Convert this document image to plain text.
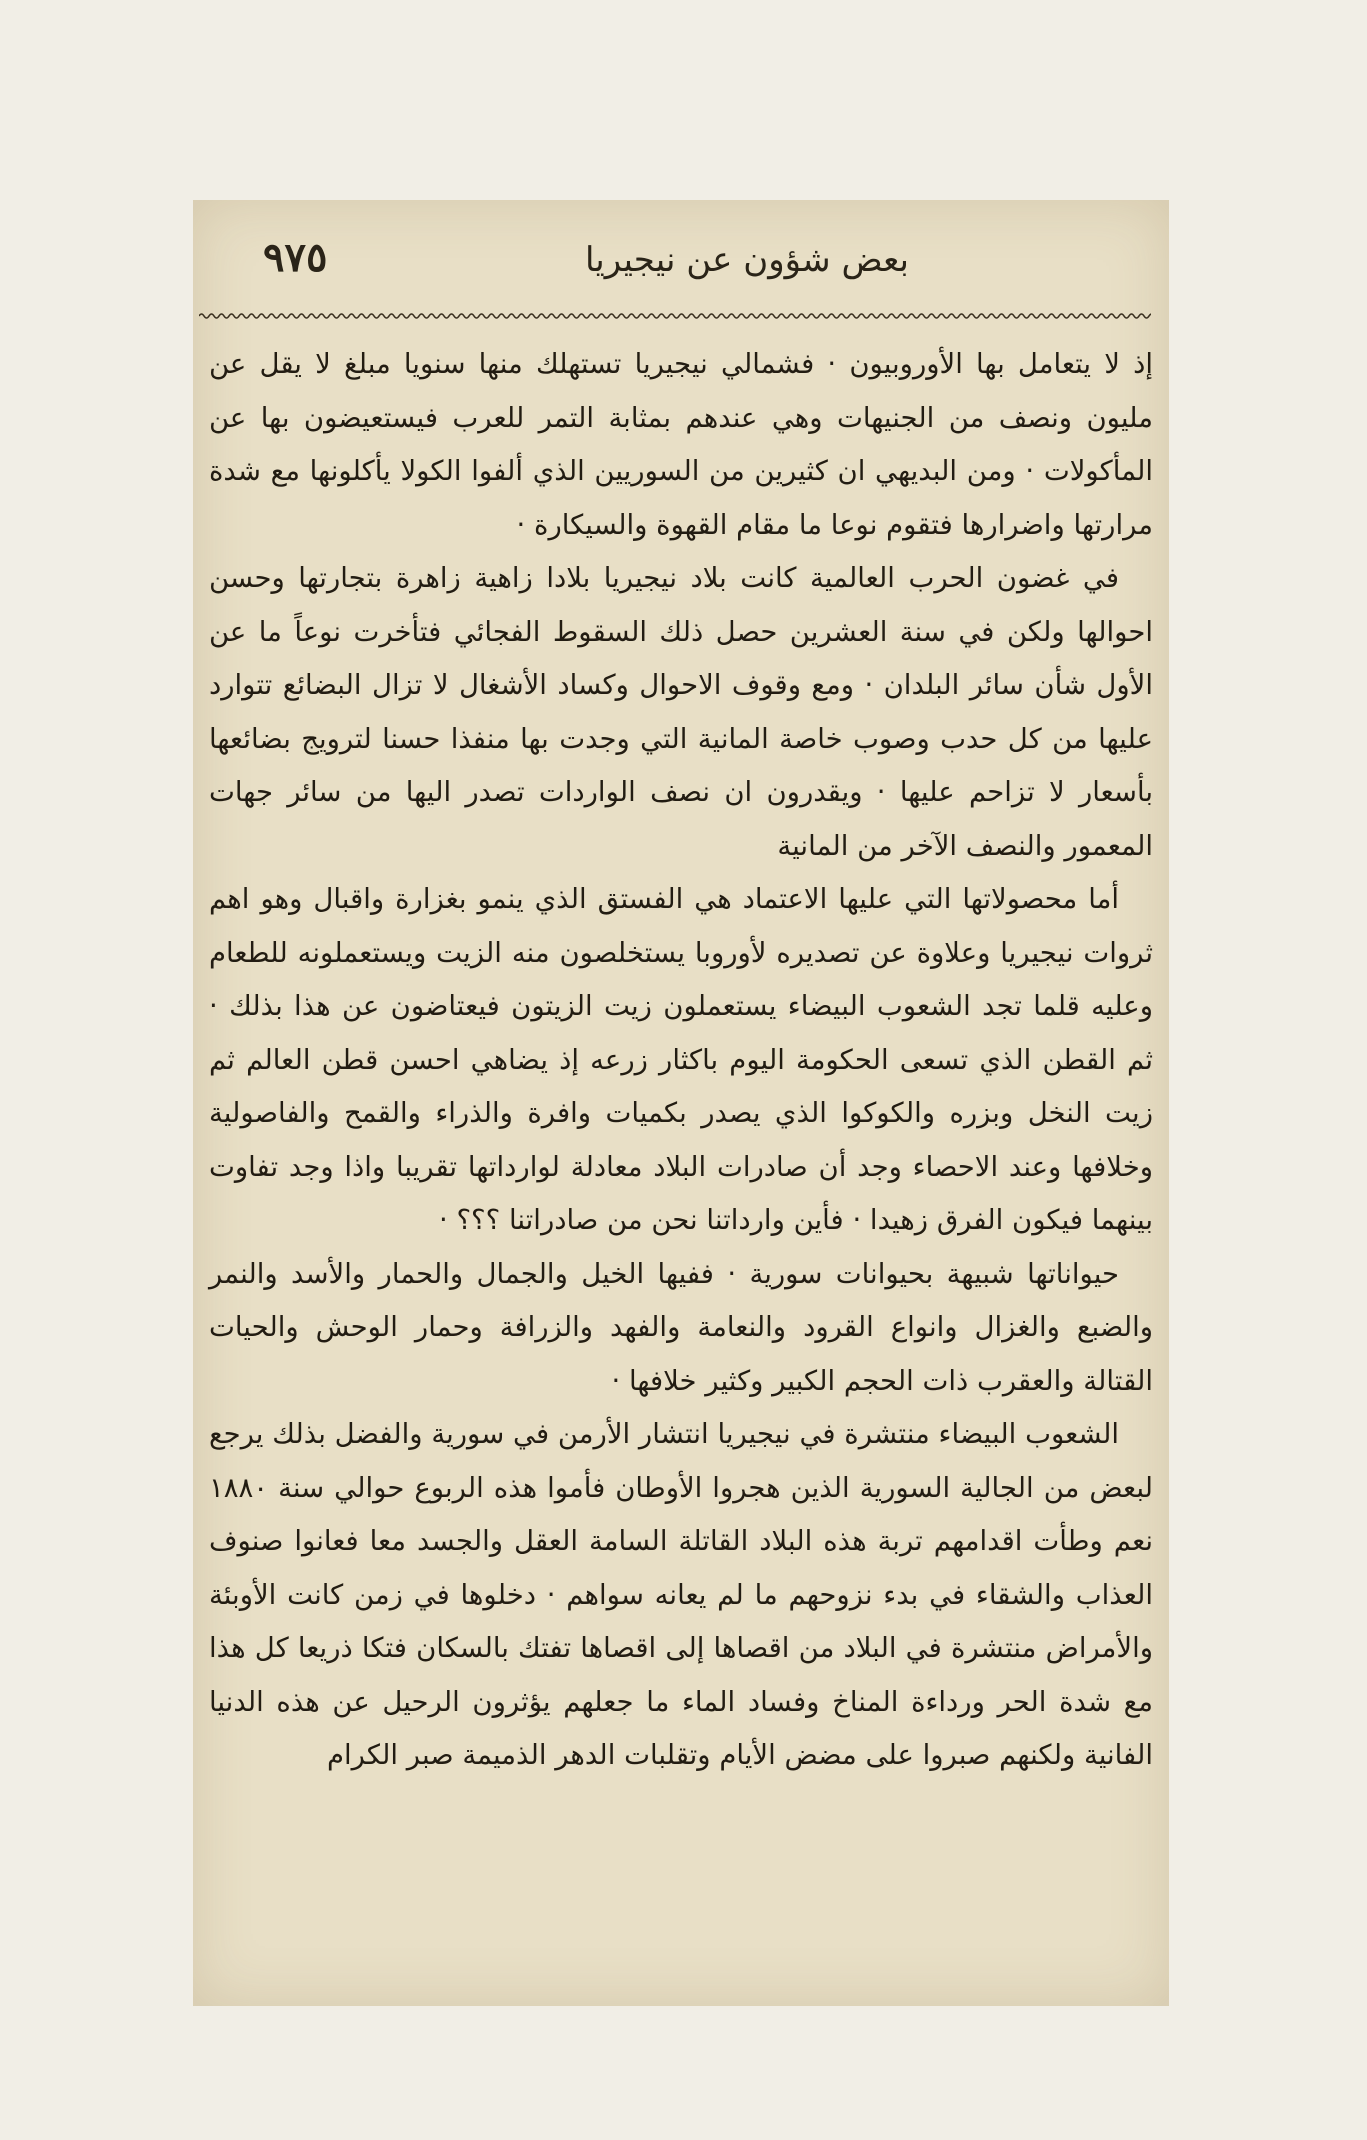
بعض شؤون عن نيجيريا
٩٧٥

إذ لا يتعامل بها الأوروبيون · فشمالي نيجيريا تستهلك منها سنويا مبلغ لا يقل عن مليون ونصف من الجنيهات وهي عندهم بمثابة التمر للعرب فيستعيضون بها عن المأكولات · ومن البديهي ان كثيرين من السوريين الذي ألفوا الكولا يأكلونها مع شدة مرارتها واضرارها فتقوم نوعا ما مقام القهوة والسيكارة ·

في غضون الحرب العالمية كانت بلاد نيجيريا بلادا زاهية زاهرة بتجارتها وحسن احوالها ولكن في سنة العشرين حصل ذلك السقوط الفجائي فتأخرت نوعاً ما عن الأول شأن سائر البلدان · ومع وقوف الاحوال وكساد الأشغال لا تزال البضائع تتوارد عليها من كل حدب وصوب خاصة المانية التي وجدت بها منفذا حسنا لترويج بضائعها بأسعار لا تزاحم عليها · ويقدرون ان نصف الواردات تصدر اليها من سائر جهات المعمور والنصف الآخر من المانية

أما محصولاتها التي عليها الاعتماد هي الفستق الذي ينمو بغزارة واقبال وهو اهم ثروات نيجيريا وعلاوة عن تصديره لأوروبا يستخلصون منه الزيت ويستعملونه للطعام وعليه قلما تجد الشعوب البيضاء يستعملون زيت الزيتون فيعتاضون عن هذا بذلك · ثم القطن الذي تسعى الحكومة اليوم باكثار زرعه إذ يضاهي احسن قطن العالم ثم زيت النخل وبزره والكوكوا الذي يصدر بكميات وافرة والذراء والقمح والفاصولية وخلافها وعند الاحصاء وجد أن صادرات البلاد معادلة لوارداتها تقريبا واذا وجد تفاوت بينهما فيكون الفرق زهيدا · فأين وارداتنا نحن من صادراتنا ؟؟؟ ·

حيواناتها شبيهة بحيوانات سورية · ففيها الخيل والجمال والحمار والأسد والنمر والضبع والغزال وانواع القرود والنعامة والفهد والزرافة وحمار الوحش والحيات القتالة والعقرب ذات الحجم الكبير وكثير خلافها ·

الشعوب البيضاء منتشرة في نيجيريا انتشار الأرمن في سورية والفضل بذلك يرجع لبعض من الجالية السورية الذين هجروا الأوطان فأموا هذه الربوع حوالي سنة ١٨٨٠ نعم وطأت اقدامهم تربة هذه البلاد القاتلة السامة العقل والجسد معا فعانوا صنوف العذاب والشقاء في بدء نزوحهم ما لم يعانه سواهم · دخلوها في زمن كانت الأوبئة والأمراض منتشرة في البلاد من اقصاها إلى اقصاها تفتك بالسكان فتكا ذريعا كل هذا مع شدة الحر ورداءة المناخ وفساد الماء ما جعلهم يؤثرون الرحيل عن هذه الدنيا الفانية ولكنهم صبروا على مضض الأيام وتقلبات الدهر الذميمة صبر الكرام
